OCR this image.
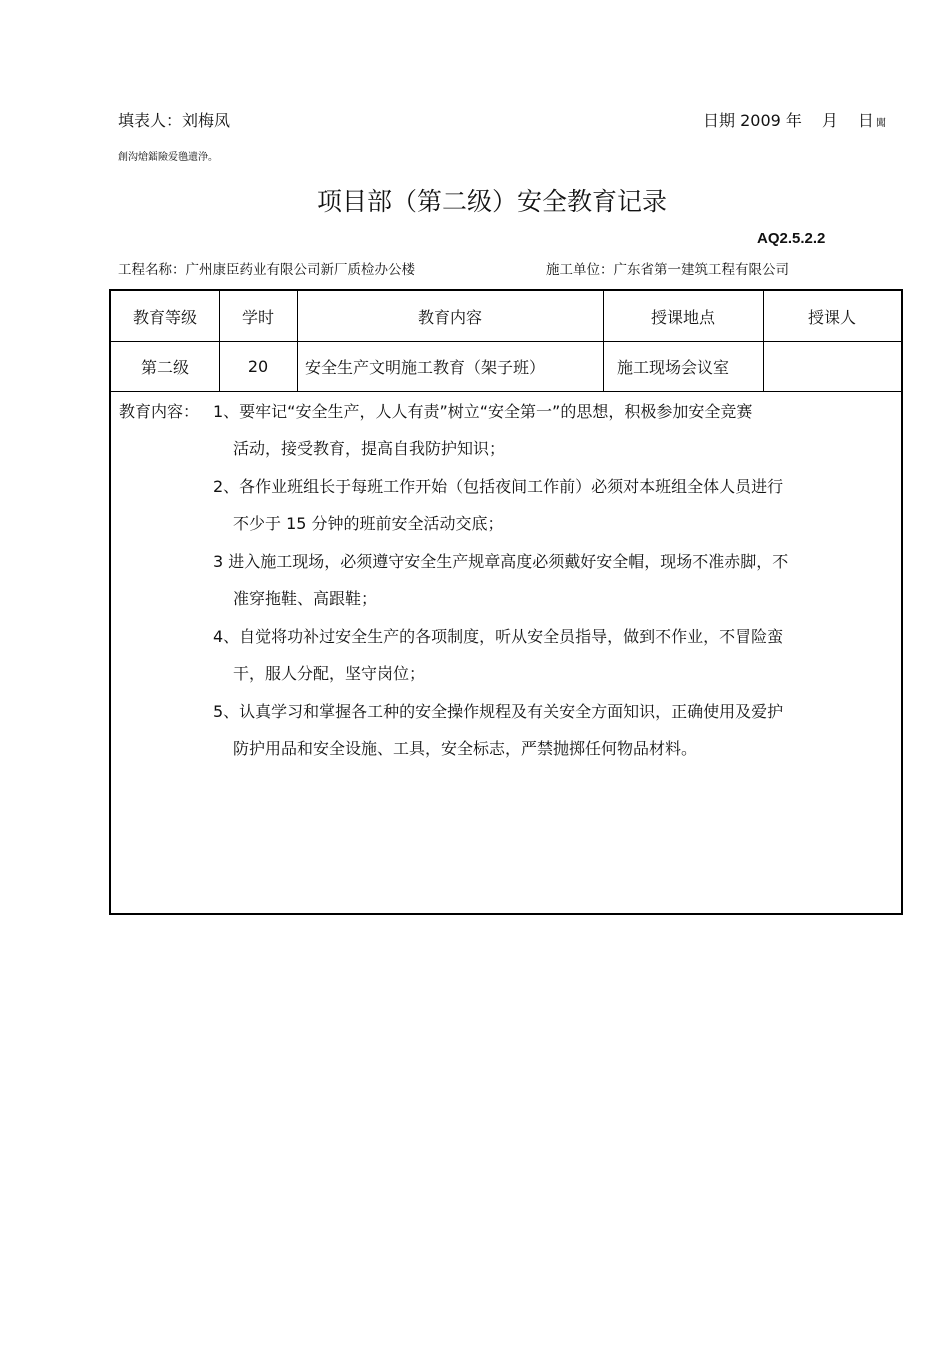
填表人：刘梅凤	日期 2009 年 月 日 闖
創沟熗鐳險爱氇遺浄。
项目部（第二级）安全教育记录
AQ2.5.2.2
工程名称：广州康臣药业有限公司新厂质检办公楼	施工单位：广东省第一建筑工程有限公司
教育等级	学时	教育内容	授课地点	授课人
第二级	20	安全生产文明施工教育（架子班）	施工现场会议室
教育内容： 1、要牢记“安全生产，人人有责”树立“安全第一”的思想，积极参加安全竞赛
活动，接受教育，提高自我防护知识；
2、各作业班组长于每班工作开始（包括夜间工作前）必须对本班组全体人员进行
不少于 15 分钟的班前安全活动交底；
3 进入施工现场，必须遵守安全生产规章高度必须戴好安全帽，现场不准赤脚，不
准穿拖鞋、高跟鞋；
4、自觉将功补过安全生产的各项制度，听从安全员指导，做到不作业，不冒险蛮
干，服人分配，坚守岗位；
5、认真学习和掌握各工种的安全操作规程及有关安全方面知识，正确使用及爱护
防护用品和安全设施、工具，安全标志，严禁抛掷任何物品材料。
